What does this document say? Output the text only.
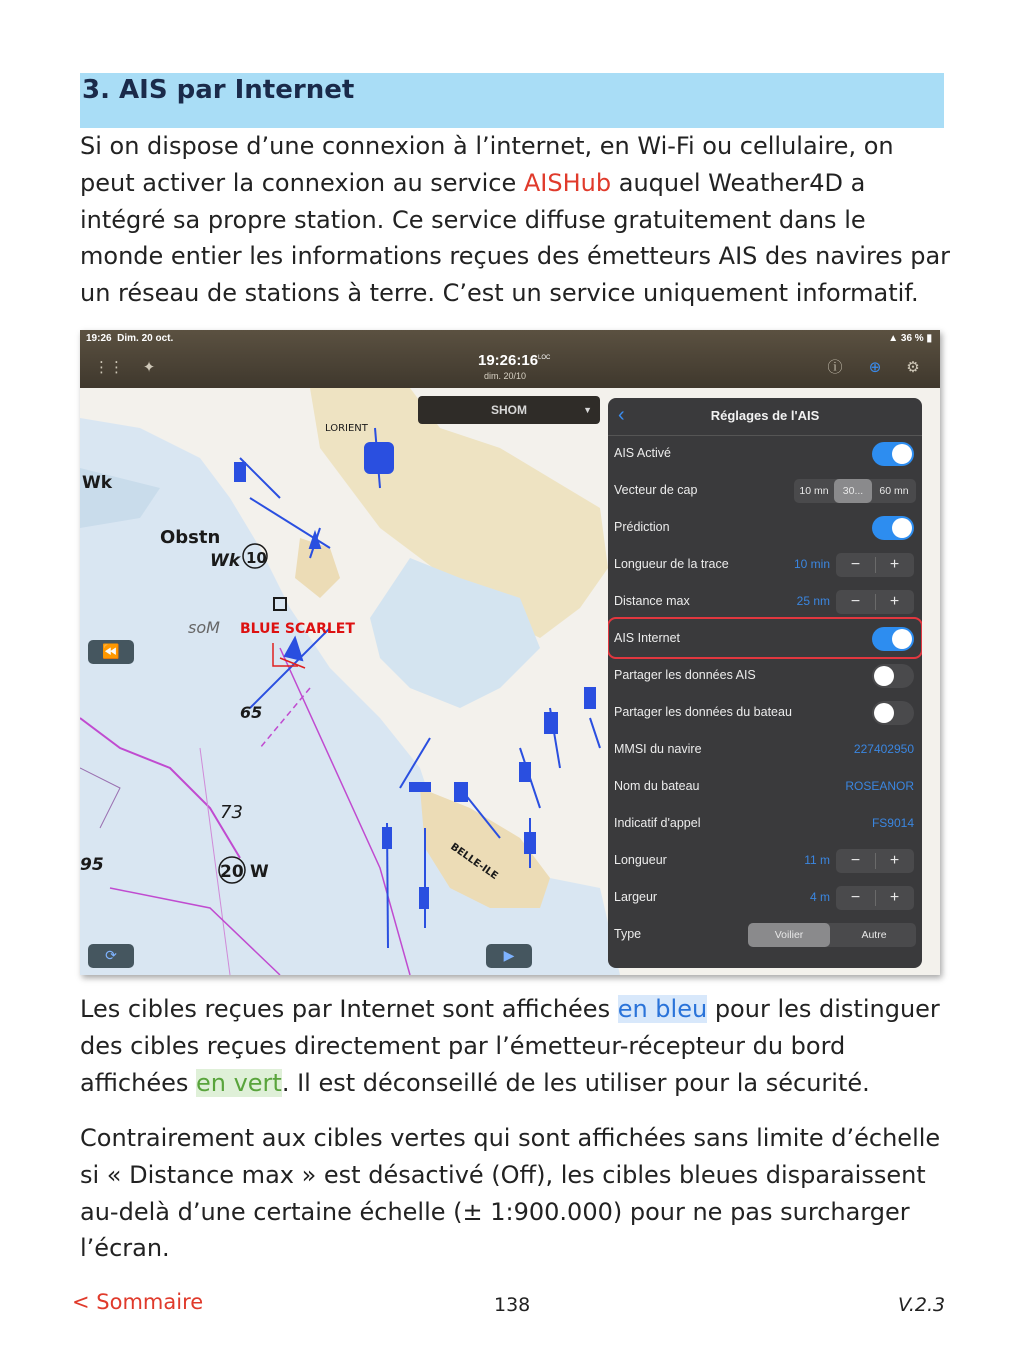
3. AIS par Internet

Si on dispose d’une connexion à l’internet, en Wi-Fi ou cellulaire, on peut activer la connexion au service AISHub auquel Weather4D a intégré sa propre station. Ce service diffuse gratuitement dans le monde entier les informations reçues des émetteurs AIS des navires par un réseau de stations à terre. C’est un service uniquement informatif.

LORIENT
Wk
Obstn
Wk 10
soM BLUE SCARLET
65
73
95	20 W	BELLE-ILE
19:26 Dim. 20 oct.	▲ 36 % ▮
⋮⋮	✦	$19:26:16^{LOC}$
dim. 20/10	ⓘ	⊕	⚙
SHOM	▼
⏪
⟳	▶
‹	Réglages de l'AIS
AIS Activé
Vecteur de cap	10 mn	30...	60 mn
Prédiction
Longueur de la trace	10 min	−	+
Distance max	25 nm	−	+
AIS Internet
Partager les données AIS
Partager les données du bateau
MMSI du navire	227402950
Nom du bateau	ROSEANOR
Indicatif d'appel	FS9014
Longueur	11 m	−	+
Largeur	4 m	−	+
Type	Voilier	Autre

Les cibles reçues par Internet sont affichées en bleu pour les distinguer des cibles reçues directement par l’émetteur-récepteur du bord affichées en vert. Il est déconseillé de les utiliser pour la sécurité.

Contrairement aux cibles vertes qui sont affichées sans limite d’échelle si « Distance max » est désactivé (Off), les cibles bleues disparaissent au-delà d’une certaine échelle (± 1:900.000) pour ne pas surcharger l’écran.

< Sommaire	138	V.2.3
